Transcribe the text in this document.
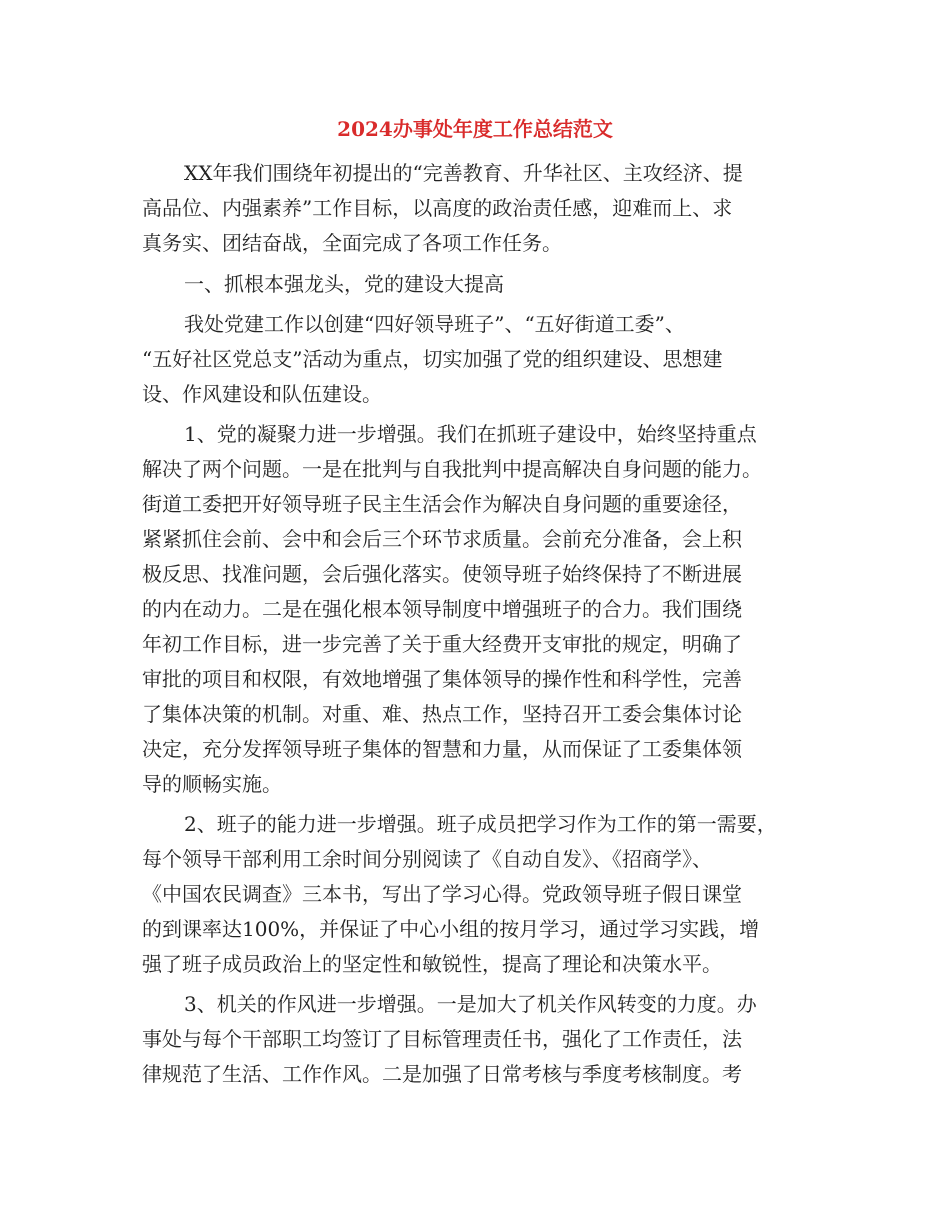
2024办事处年度工作总结范文
XX年我们围绕年初提出的“完善教育、升华社区、主攻经济、提
高品位、内强素养”工作目标，以高度的政治责任感，迎难而上、求
真务实、团结奋战，全面完成了各项工作任务。
一、抓根本强龙头，党的建设大提高
我处党建工作以创建“四好领导班子”、“五好街道工委”、
“五好社区党总支”活动为重点，切实加强了党的组织建设、思想建
设、作风建设和队伍建设。
1、党的凝聚力进一步增强。我们在抓班子建设中，始终坚持重点
解决了两个问题。一是在批判与自我批判中提高解决自身问题的能力。
街道工委把开好领导班子民主生活会作为解决自身问题的重要途径，
紧紧抓住会前、会中和会后三个环节求质量。会前充分准备，会上积
极反思、找准问题，会后强化落实。使领导班子始终保持了不断进展
的内在动力。二是在强化根本领导制度中增强班子的合力。我们围绕
年初工作目标，进一步完善了关于重大经费开支审批的规定，明确了
审批的项目和权限，有效地增强了集体领导的操作性和科学性，完善
了集体决策的机制。对重、难、热点工作，坚持召开工委会集体讨论
决定，充分发挥领导班子集体的智慧和力量，从而保证了工委集体领
导的顺畅实施。
2、班子的能力进一步增强。班子成员把学习作为工作的第一需要，
每个领导干部利用工余时间分别阅读了《自动自发》、《招商学》、
《中国农民调查》三本书，写出了学习心得。党政领导班子假日课堂
的到课率达100%，并保证了中心小组的按月学习，通过学习实践，增
强了班子成员政治上的坚定性和敏锐性，提高了理论和决策水平。
3、机关的作风进一步增强。一是加大了机关作风转变的力度。办
事处与每个干部职工均签订了目标管理责任书，强化了工作责任，法
律规范了生活、工作作风。二是加强了日常考核与季度考核制度。考
